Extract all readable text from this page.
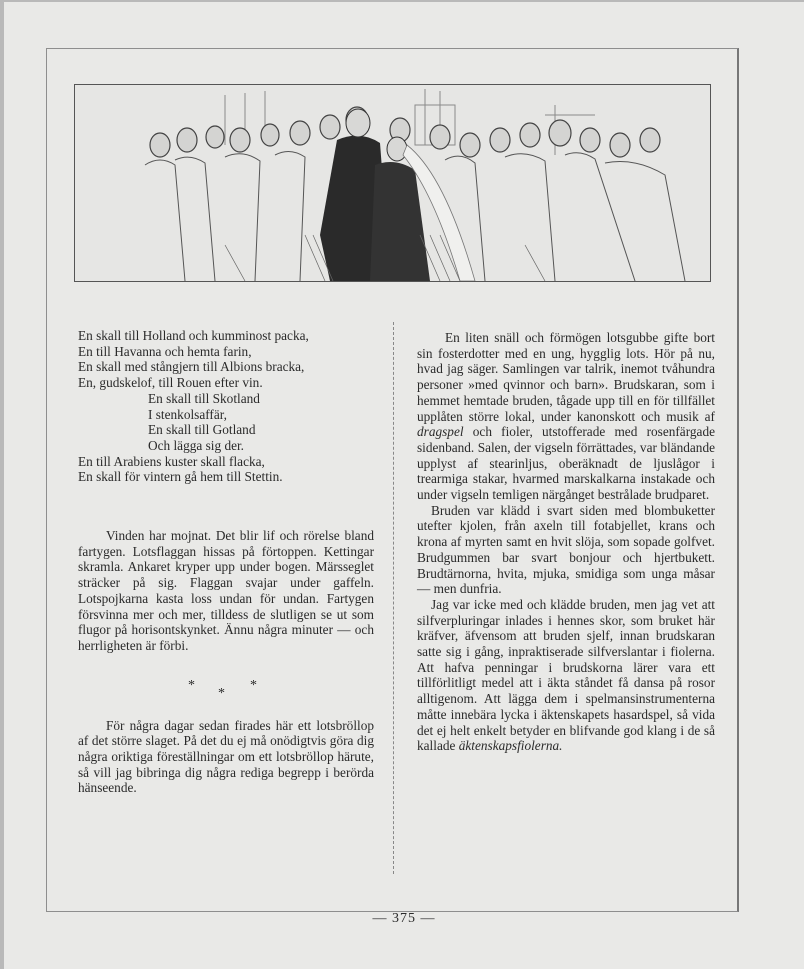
En skall till Holland och kumminost packa,
En till Havanna och hemta farin,
En skall med stångjern till Albions bracka,
En, gudskelof, till Rouen efter vin.
En skall till Skotland
I stenkolsaffär,
En skall till Gotland
Och lägga sig der.
En till Arabiens kuster skall flacka,
En skall för vintern gå hem till Stettin.

Vinden har mojnat. Det blir lif och rörelse bland fartygen. Lotsflaggan hissas på förtoppen. Kettingar skramla. Ankaret kryper upp under bogen. Märsseglet sträcker på sig. Flaggan svajar under gaffeln. Lotspojkarna kasta loss undan för undan. Fartygen försvinna mer och mer, tilldess de slutligen se ut som flugor på horisontskynket. Ännu några minuter — och herrligheten är förbi.

*
*
*

För några dagar sedan firades här ett lotsbröllop af det större slaget. På det du ej må onödigtvis göra dig några oriktiga föreställningar om ett lotsbröllop härute, så vill jag bibringa dig några rediga begrepp i berörda hänseende.

En liten snäll och förmögen lotsgubbe gifte bort sin fosterdotter med en ung, hygglig lots. Hör på nu, hvad jag säger. Samlingen var talrik, inemot tvåhundra personer »med qvinnor och barn». Brudskaran, som i hemmet hemtade bruden, tågade upp till en för tillfället upplåten större lokal, under kanonskott och musik af dragspel och fioler, utstofferade med rosenfärgade sidenband. Salen, der vigseln förrättades, var bländande upplyst af stearinljus, oberäknadt de ljuslågor i trearmiga stakar, hvarmed marskalkarna instakade och under vigseln temligen närgånget bestrålade brudparet.

Bruden var klädd i svart siden med blombuketter utefter kjolen, från axeln till fotabjellet, krans och krona af myrten samt en hvit slöja, som sopade golfvet. Brudgummen bar svart bonjour och hjertbukett. Brudtärnorna, hvita, mjuka, smidiga som unga måsar — men dunfria.

Jag var icke med och klädde bruden, men jag vet att silfverpluringar inlades i hennes skor, som bruket här kräfver, äfvensom att bruden sjelf, innan brudskaran satte sig i gång, inpraktiserade silfverslantar i fiolerna. Att hafva penningar i brudskorna lärer vara ett tillförlitligt medel att i äkta ståndet få dansa på rosor alltigenom. Att lägga dem i spelmansinstrumenterna måtte innebära lycka i äktenskapets hasardspel, så vida det ej helt enkelt betyder en blifvande god klang i de så kallade äktenskapsfiolerna.

— 375 —
